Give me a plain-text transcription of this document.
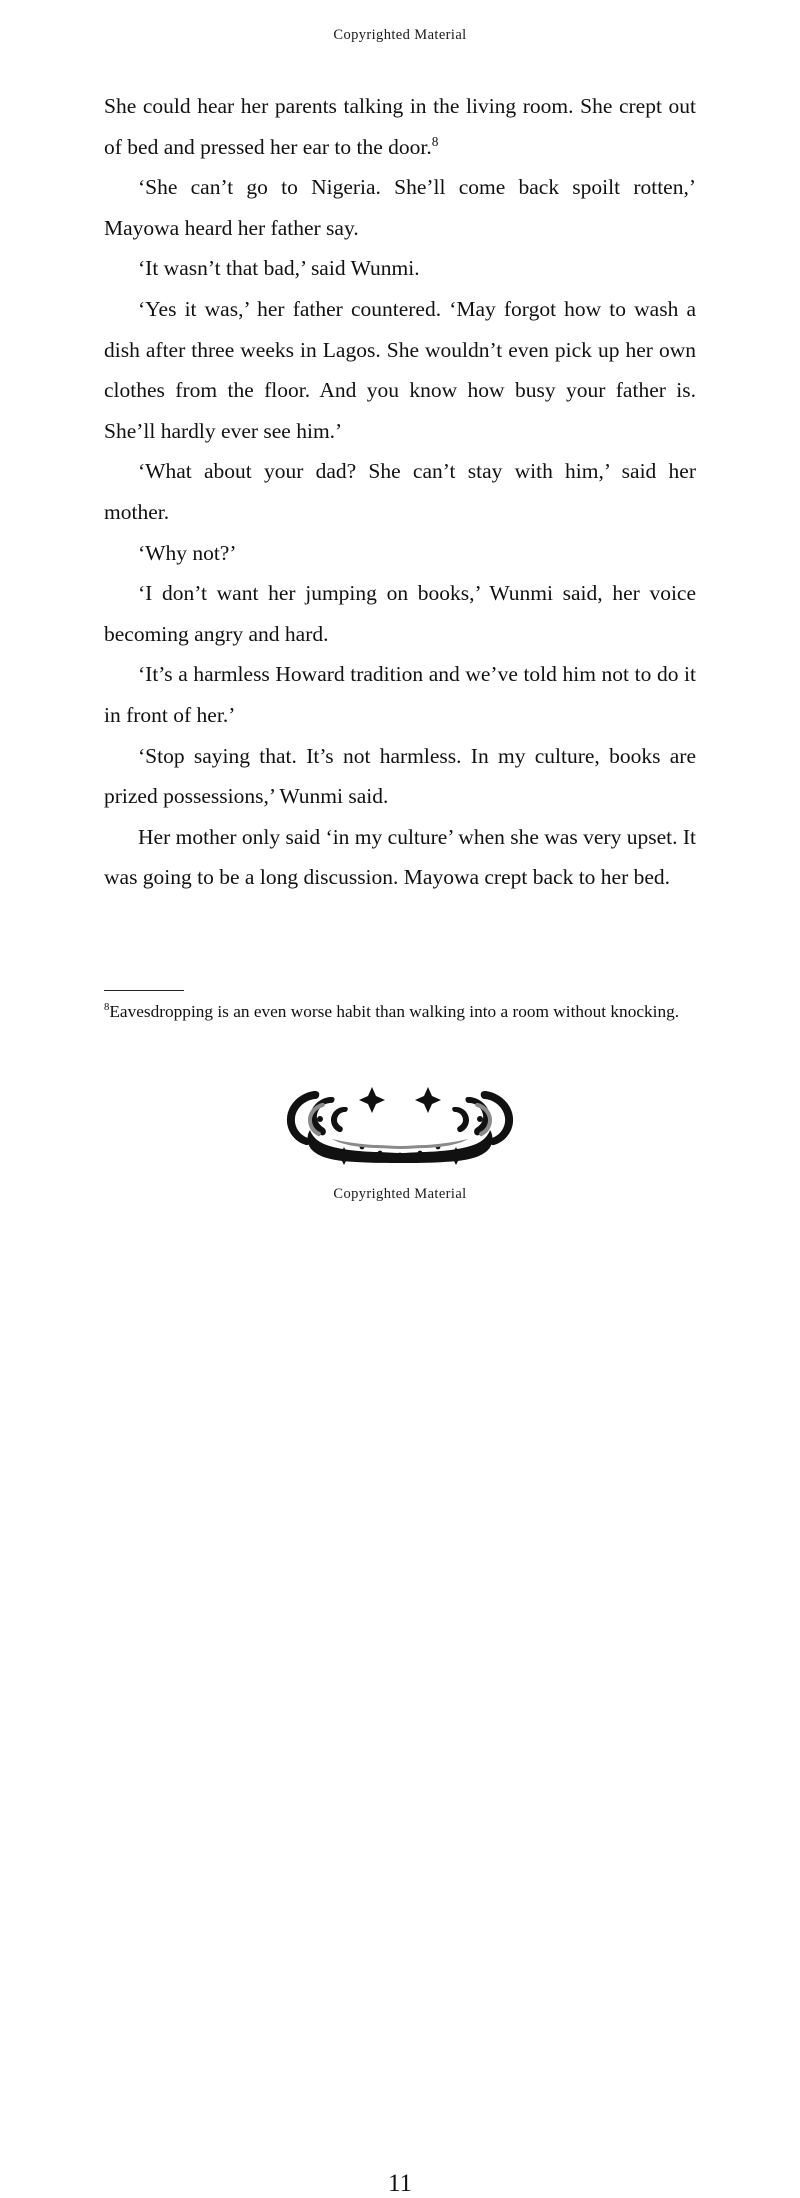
Copyrighted Material

She could hear her parents talking in the living room. She crept out of bed and pressed her ear to the door.$^8$

‘She can’t go to Nigeria. She’ll come back spoilt rotten,’ Mayowa heard her father say.

‘It wasn’t that bad,’ said Wunmi.

‘Yes it was,’ her father countered. ‘May forgot how to wash a dish after three weeks in Lagos. She wouldn’t even pick up her own clothes from the floor. And you know how busy your father is. She’ll hardly ever see him.’

‘What about your dad? She can’t stay with him,’ said her mother.

‘Why not?’

‘I don’t want her jumping on books,’ Wunmi said, her voice becoming angry and hard.

‘It’s a harmless Howard tradition and we’ve told him not to do it in front of her.’

‘Stop saying that. It’s not harmless. In my culture, books are prized possessions,’ Wunmi said.

Her mother only said ‘in my culture’ when she was very upset. It was going to be a long discussion. Mayowa crept back to her bed.

$^8$Eavesdropping is an even worse habit than walking into a room without knocking.

11
Copyrighted Material
